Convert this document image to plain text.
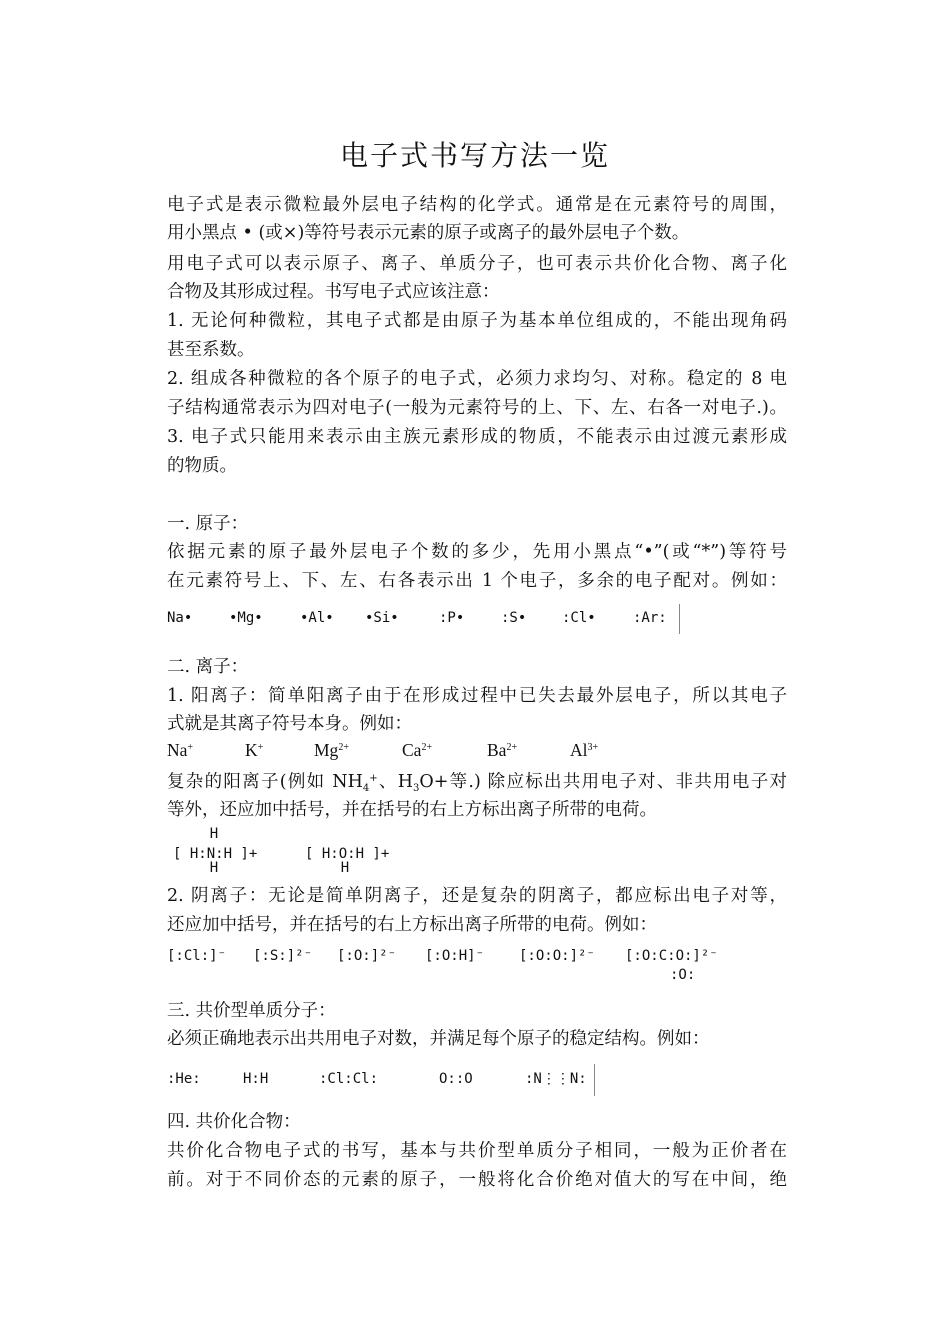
电子式书写方法一览
电子式是表示微粒最外层电子结构的化学式。通常是在元素符号的周围，
用小黑点 • (或×)等符号表示元素的原子或离子的最外层电子个数。
用电子式可以表示原子、离子、单质分子，也可表示共价化合物、离子化
合物及其形成过程。书写电子式应该注意：
1. 无论何种微粒，其电子式都是由原子为基本单位组成的，不能出现角码
甚至系数。
2. 组成各种微粒的各个原子的电子式，必须力求均匀、对称。稳定的 8 电
子结构通常表示为四对电子(一般为元素符号的上、下、左、右各一对电子.)。
3. 电子式只能用来表示由主族元素形成的物质，不能表示由过渡元素形成
的物质。
一. 原子：
依据元素的原子最外层电子个数的多少，先用小黑点“•”(或“*”)等符号
在元素符号上、下、左、右各表示出 1 个电子，多余的电子配对。例如：
Na•	•Mg•	•Al• •Si•	:P•	:S•	:Cl•	:Ar:
二. 离子：
1. 阳离子：简单阳离子由于在形成过程中已失去最外层电子，所以其电子
式就是其离子符号本身。例如：
Na+	K+	$Mg^{2+}$	$Ca^{2+}$	$Ba^{2+}$	$Al^{3+}$
复杂的阳离子(例如 $NH_4^+$、$H_3O+$等.) 除应标出共用电子对、非共用电子对
等外，还应加中括号，并在括号的右上方标出离子所带的电荷。
H
[ H:N:H ]+
H
[ H:O:H ]+
H
2. 阴离子：无论是简单阴离子，还是复杂的阴离子，都应标出电子对等，
还应加中括号，并在括号的右上方标出离子所带的电荷。例如：
[:Cl:]⁻ [:S:]²⁻ [:O:]²⁻ [:O:H]⁻ [:O:O:]²⁻ [:O:C:O:]²⁻
:O:
三. 共价型单质分子：
必须正确地表示出共用电子对数，并满足每个原子的稳定结构。例如：
:He:	H:H	:Cl:Cl:	O::O	:N⋮⋮N:
四. 共价化合物：
共价化合物电子式的书写，基本与共价型单质分子相同，一般为正价者在
前。对于不同价态的元素的原子，一般将化合价绝对值大的写在中间，绝
